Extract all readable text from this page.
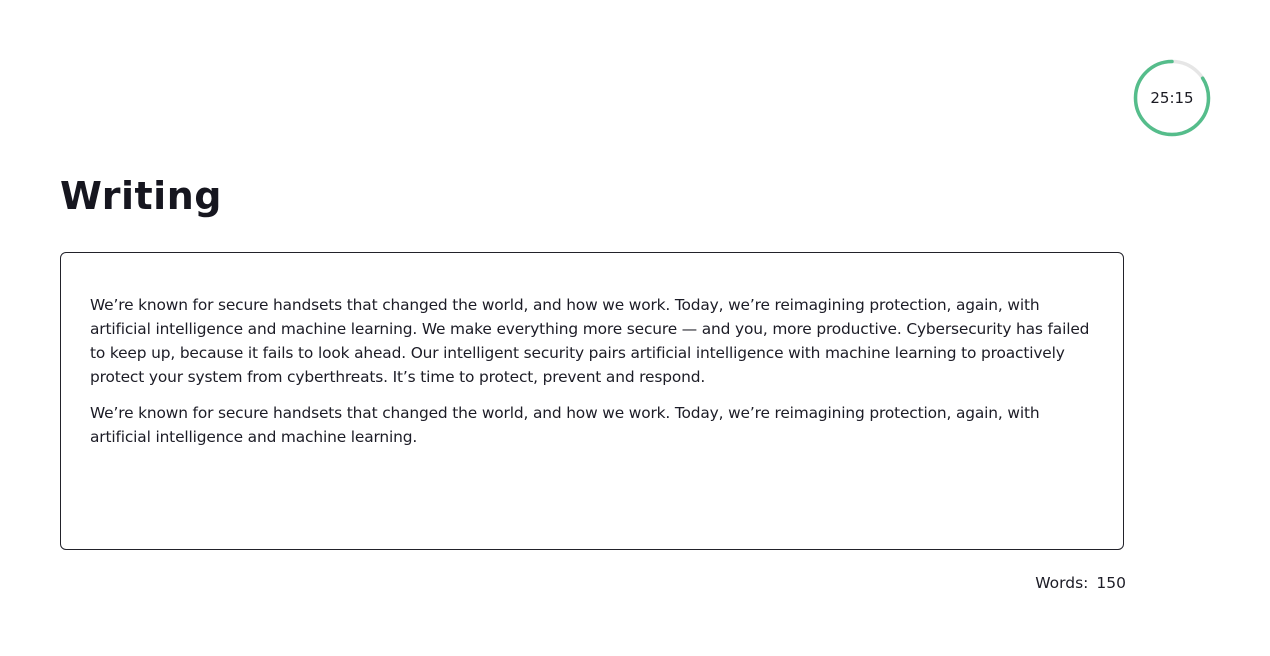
25:15
Writing

We’re known for secure handsets that changed the world, and how we work. Today, we’re reimagining protection, again, with artificial intelligence and machine learning. We make everything more secure — and you, more productive. Cybersecurity has failed to keep up, because it fails to look ahead. Our intelligent security pairs artificial intelligence with machine learning to proactively protect your system from cyberthreats. It’s time to protect, prevent and respond.

We’re known for secure handsets that changed the world, and how we work. Today, we’re reimagining protection, again, with artificial intelligence and machine learning.

Words: 150
